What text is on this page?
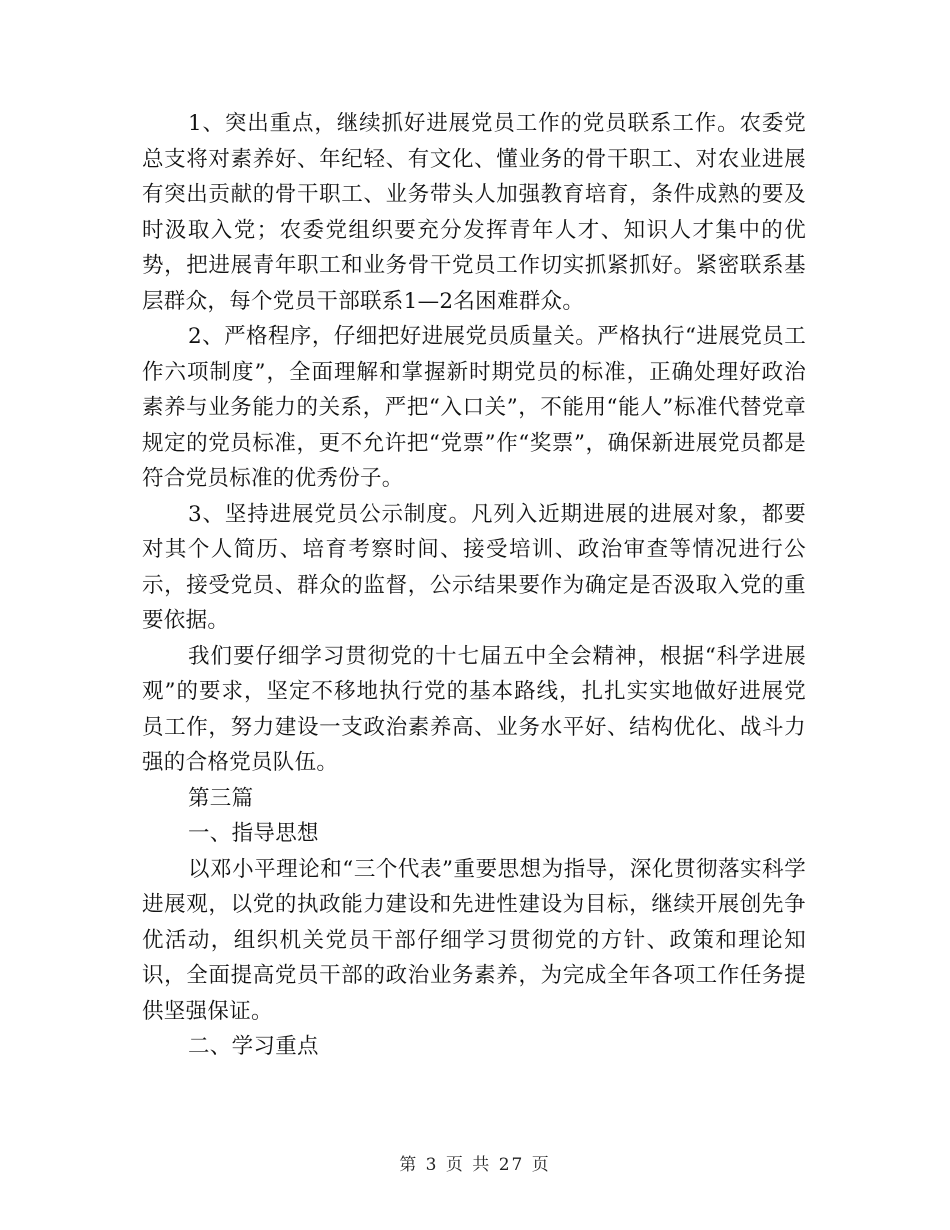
1、突出重点，继续抓好进展党员工作的党员联系工作。农委党总支将对素养好、年纪轻、有文化、懂业务的骨干职工、对农业进展有突出贡献的骨干职工、业务带头人加强教育培育，条件成熟的要及时汲取入党；农委党组织要充分发挥青年人才、知识人才集中的优势，把进展青年职工和业务骨干党员工作切实抓紧抓好。紧密联系基层群众，每个党员干部联系1—2名困难群众。

2、严格程序，仔细把好进展党员质量关。严格执行“进展党员工作六项制度”，全面理解和掌握新时期党员的标准，正确处理好政治素养与业务能力的关系，严把“入口关”，不能用“能人”标准代替党章规定的党员标准，更不允许把“党票”作“奖票”，确保新进展党员都是符合党员标准的优秀份子。

3、坚持进展党员公示制度。凡列入近期进展的进展对象，都要对其个人简历、培育考察时间、接受培训、政治审查等情况进行公示，接受党员、群众的监督，公示结果要作为确定是否汲取入党的重要依据。

我们要仔细学习贯彻党的十七届五中全会精神，根据“科学进展观”的要求，坚定不移地执行党的基本路线，扎扎实实地做好进展党员工作，努力建设一支政治素养高、业务水平好、结构优化、战斗力强的合格党员队伍。

第三篇

一、指导思想

以邓小平理论和“三个代表”重要思想为指导，深化贯彻落实科学进展观，以党的执政能力建设和先进性建设为目标，继续开展创先争优活动，组织机关党员干部仔细学习贯彻党的方针、政策和理论知识，全面提高党员干部的政治业务素养，为完成全年各项工作任务提供坚强保证。

二、学习重点

第 3 页 共 27 页
